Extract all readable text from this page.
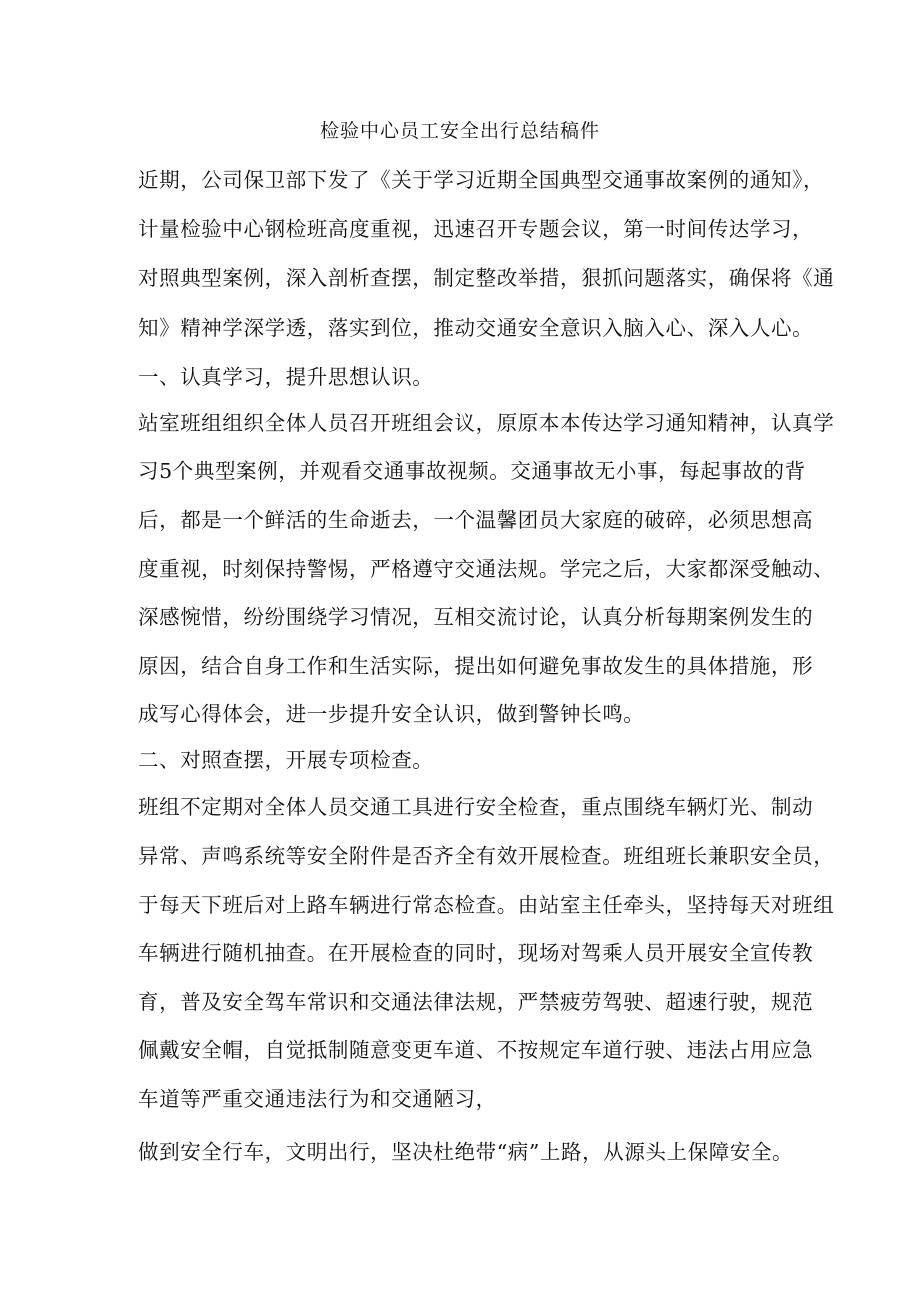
检验中心员工安全出行总结稿件
近期，公司保卫部下发了《关于学习近期全国典型交通事故案例的通知》，
计量检验中心钢检班高度重视，迅速召开专题会议，第一时间传达学习，
对照典型案例，深入剖析查摆，制定整改举措，狠抓问题落实，确保将《通
知》精神学深学透，落实到位，推动交通安全意识入脑入心、深入人心。
一、认真学习，提升思想认识。
站室班组组织全体人员召开班组会议，原原本本传达学习通知精神，认真学
习5个典型案例，并观看交通事故视频。交通事故无小事，每起事故的背
后，都是一个鲜活的生命逝去，一个温馨团员大家庭的破碎，必须思想高
度重视，时刻保持警惕，严格遵守交通法规。学完之后，大家都深受触动、
深感惋惜，纷纷围绕学习情况，互相交流讨论，认真分析每期案例发生的
原因，结合自身工作和生活实际，提出如何避免事故发生的具体措施，形
成写心得体会，进一步提升安全认识，做到警钟长鸣。
二、对照查摆，开展专项检查。
班组不定期对全体人员交通工具进行安全检查，重点围绕车辆灯光、制动
异常、声鸣系统等安全附件是否齐全有效开展检查。班组班长兼职安全员，
于每天下班后对上路车辆进行常态检查。由站室主任牵头，坚持每天对班组
车辆进行随机抽查。在开展检查的同时，现场对驾乘人员开展安全宣传教
育，普及安全驾车常识和交通法律法规，严禁疲劳驾驶、超速行驶，规范
佩戴安全帽，自觉抵制随意变更车道、不按规定车道行驶、违法占用应急
车道等严重交通违法行为和交通陋习，
做到安全行车，文明出行，坚决杜绝带“病”上路，从源头上保障安全。
